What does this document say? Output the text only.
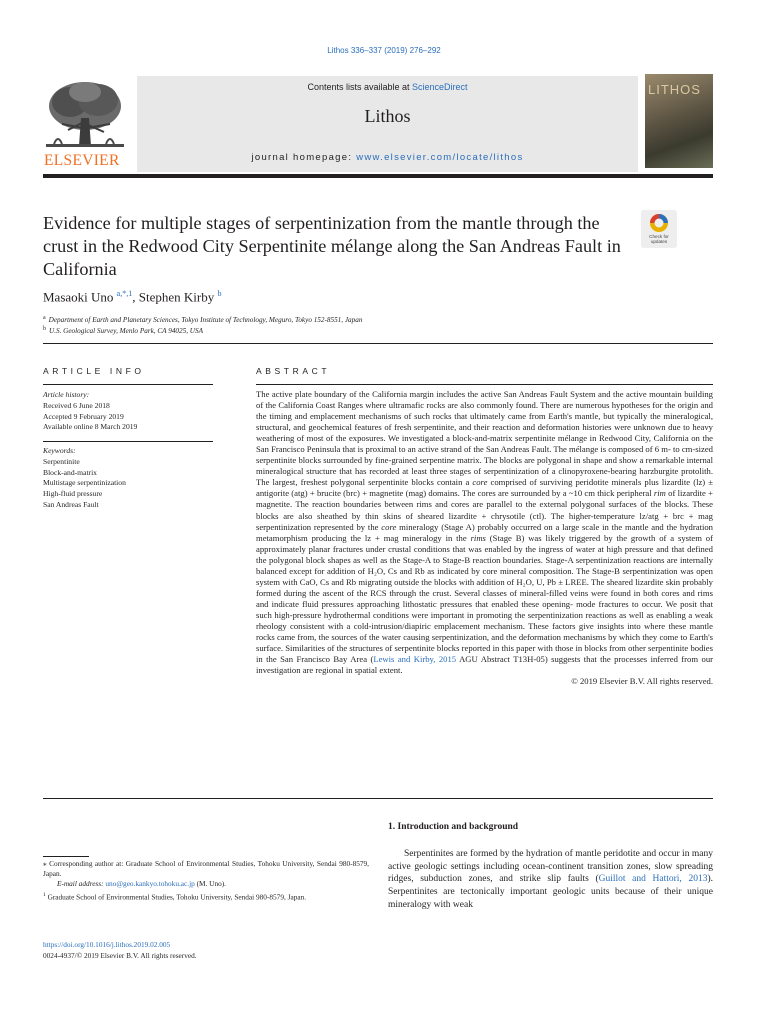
Lithos 336–337 (2019) 276–292
Contents lists available at ScienceDirect
Lithos
journal homepage: www.elsevier.com/locate/lithos
ELSEVIER
LITHOS
Evidence for multiple stages of serpentinization from the mantle through the crust in the Redwood City Serpentinite mélange along the San Andreas Fault in California
Check for
updates
Masaoki Uno $^{a,*,1}$, Stephen Kirby $^b$
$^a$ Department of Earth and Planetary Sciences, Tokyo Institute of Technology, Meguro, Tokyo 152-8551, Japan
$^b$ U.S. Geological Survey, Menlo Park, CA 94025, USA
ARTICLE INFO
Article history:
Received 6 June 2018
Accepted 9 February 2019
Available online 8 March 2019
Keywords:
Serpentinite
Block-and-matrix
Multistage serpentinization
High-fluid pressure
San Andreas Fault
ABSTRACT
The active plate boundary of the California margin includes the active San Andreas Fault System and the active mountain building of the California Coast Ranges where ultramafic rocks are also commonly found. There are numerous hypotheses for the origin and the timing and emplacement mechanisms of such rocks that ultimately came from Earth's mantle, but typically the mineralogical, structural, and geochemical features of fresh serpentinite, and their reaction and deformation histories were unknown due to heavy weathering of most of the exposures. We investigated a block-and-matrix serpentinite mélange in Redwood City, California on the San Francisco Peninsula that is proximal to an active strand of the San Andreas Fault. The mélange is composed of 6 m- to cm-sized serpentinite blocks surrounded by fine-grained serpentine matrix. The blocks are polygonal in shape and show a remarkable internal mineralogical structure that has recorded at least three stages of serpentinization of a clinopyroxene-bearing harzburgite protolith. The largest, freshest polygonal serpentinite blocks contain a core comprised of surviving peridotite minerals plus lizardite (lz) ± antigorite (atg) + brucite (brc) + magnetite (mag) domains. The cores are surrounded by a ~10 cm thick peripheral rim of lizardite + magnetite. The reaction boundaries between rims and cores are parallel to the external polygonal surfaces of the blocks. These blocks are also sheathed by thin skins of sheared lizardite + chrysotile (ctl). The higher-temperature lz/atg + brc + mag serpentinization represented by the core mineralogy (Stage A) probably occurred on a large scale in the mantle and the hydration metamorphism producing the lz + mag mineralogy in the rims (Stage B) was likely triggered by the growth of a system of approximately planar fractures under crustal conditions that was enabled by the ingress of water at high pressure and that defined the polygonal block shapes as well as the Stage-A to Stage-B reaction boundaries. Stage-A serpentinization reactions are internally balanced except for addition of H₂O, Cs and Rb as indicated by core mineral composition. The Stage-B serpentinization was open system with CaO, Cs and Rb migrating outside the blocks with addition of H₂O, U, Pb ± LREE. The sheared lizardite skin probably formed during the ascent of the RCS through the crust. Several classes of mineral-filled veins were found in both cores and rims and indicate fluid pressures approaching lithostatic pressures that enabled these opening- mode fractures to occur. We posit that such high-pressure hydrothermal conditions were important in promoting the serpentinization reactions as well as enabling a weak rheology consistent with a cold-intrusion/diapiric emplacement mechanism. These factors give insights into where these mantle rocks came from, the sources of the water causing serpentinization, and the deformation mechanisms by which they come to Earth's surface. Similarities of the structures of serpentinite blocks reported in this paper with those in blocks from other serpentinite bodies in the San Francisco Bay Area (Lewis and Kirby, 2015 AGU Abstract T13H-05) suggests that the processes inferred from our investigation are regional in spatial extent.
© 2019 Elsevier B.V. All rights reserved.
⁎ Corresponding author at: Graduate School of Environmental Studies, Tohoku University, Sendai 980-8579, Japan.
E-mail address: uno@geo.kankyo.tohoku.ac.jp (M. Uno).
$^1$ Graduate School of Environmental Studies, Tohoku University, Sendai 980-8579, Japan.
https://doi.org/10.1016/j.lithos.2019.02.005
0024-4937/© 2019 Elsevier B.V. All rights reserved.
1. Introduction and background
Serpentinites are formed by the hydration of mantle peridotite and occur in many active geologic settings including ocean-continent transition zones, slow spreading ridges, subduction zones, and strike slip faults (Guillot and Hattori, 2013). Serpentinites are tectonically important geologic units because of their unique mineralogy with weak
